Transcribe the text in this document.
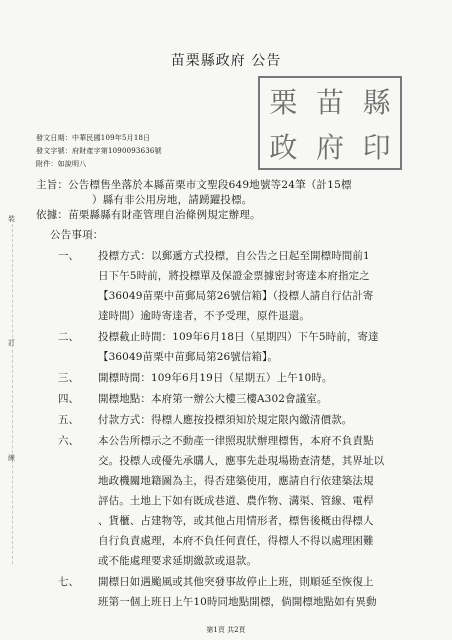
苗栗縣政府 公告
發文日期：中華民國109年5月18日
發文字號：府財產字第1090093636號
附件：如說明八
栗 苗 縣
政 府 印
裝
訂
線
主旨：公告標售坐落於本縣苗栗市文聖段649地號等24筆（計15標
）縣有非公用房地，請踴躍投標。
依據：苗栗縣縣有財產管理自治條例規定辦理。
公告事項：
一、	投標方式：以郵遞方式投標，自公告之日起至開標時間前1
日下午5時前，將投標單及保證金票據密封寄達本府指定之
【36049苗栗中苗郵局第26號信箱】（投標人請自行估計寄
達時間）逾時寄達者，不予受理，原件退還。
二、	投標截止時間：109年6月18日（星期四）下午5時前，寄達
【36049苗栗中苗郵局第26號信箱】。
三、	開標時間：109年6月19日（星期五）上午10時。
四、	開標地點：本府第一辦公大樓三樓A302會議室。
五、	付款方式：得標人應按投標須知於規定限內繳清價款。
六、	本公告所標示之不動產一律照現狀辦理標售，本府不負責點
交。投標人或優先承購人，應事先赴現場勘查清楚，其界址以
地政機關地籍圖為主，得否建築使用，應請自行依建築法規
評估。土地上下如有既成巷道、農作物、溝渠、管線、電桿
、貨櫃、占建物等，或其他占用情形者，標售後概由得標人
自行負責處理，本府不負任何責任，得標人不得以處理困難
或不能處理要求延期繳款或退款。
七、	開標日如遇颱風或其他突發事故停止上班，則順延至恢復上
班第一個上班日上午10時同地點開標，倘開標地點如有異動
第1頁 共2頁
